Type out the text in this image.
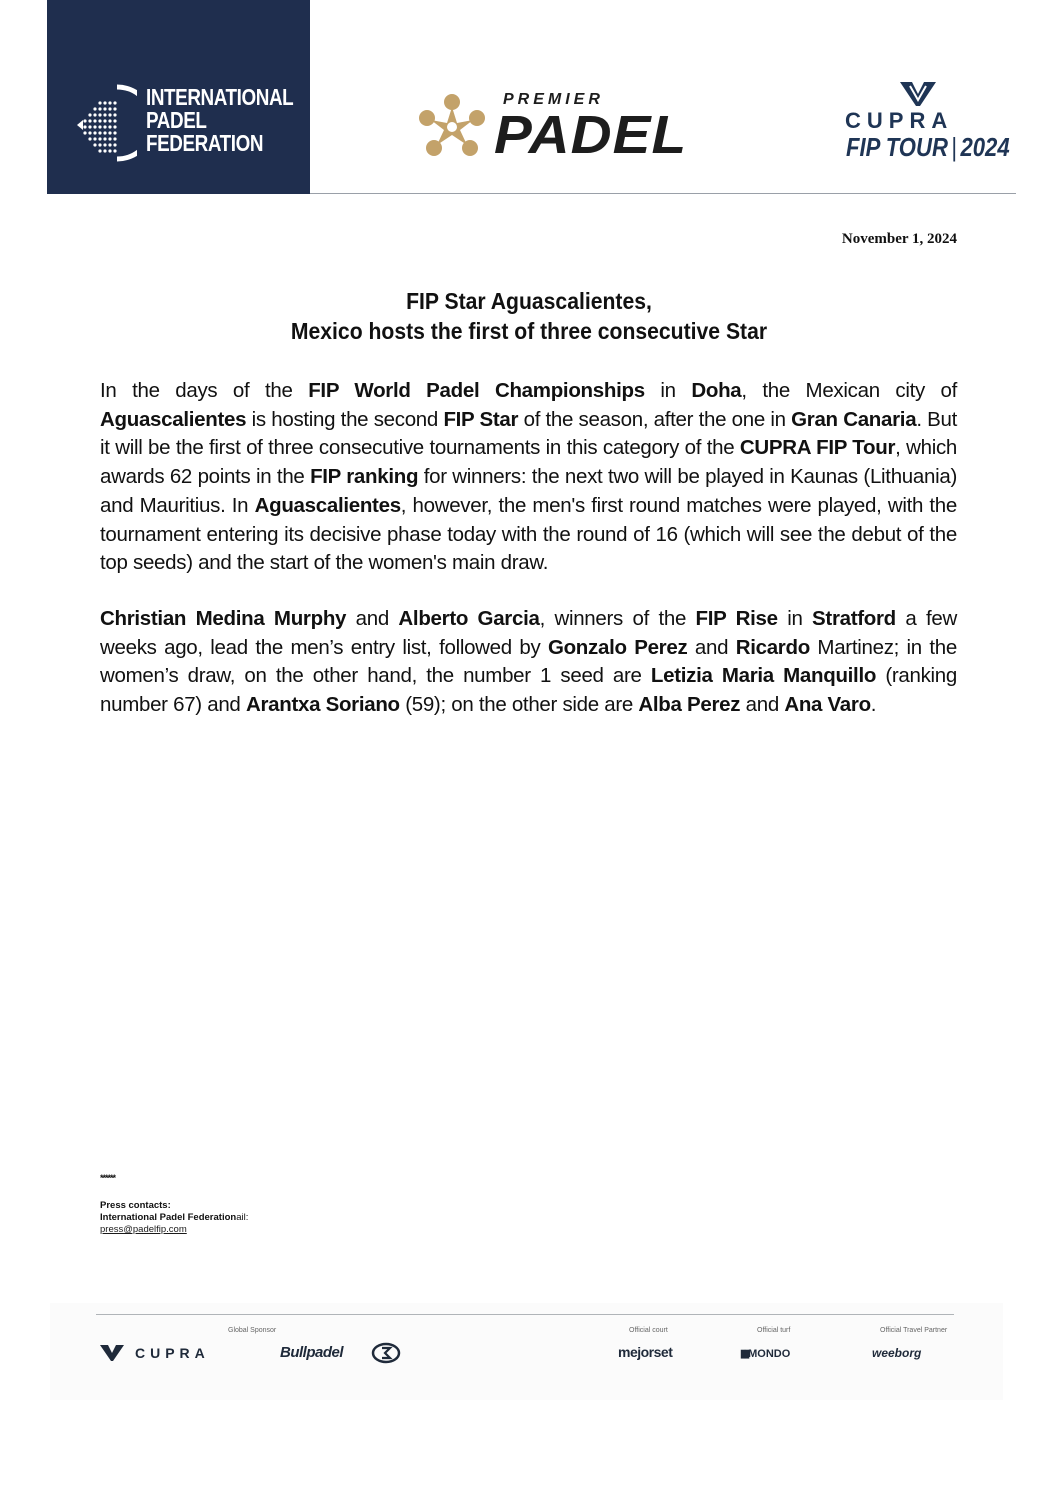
INTERNATIONAL
PADEL
FEDERATION
PREMIER
PADEL	CUPRA
FIP TOUR | 2024
November 1, 2024
FIP Star Aguascalientes,
Mexico hosts the first of three consecutive Star

In the days of the FIP World Padel Championships in Doha, the Mexican city of Aguascalientes is hosting the second FIP Star of the season, after the one in Gran Canaria. But it will be the first of three consecutive tournaments in this category of the CUPRA FIP Tour, which awards 62 points in the FIP ranking for winners: the next two will be played in Kaunas (Lithuania) and Mauritius. In Aguascalientes, however, the men's first round matches were played, with the tournament entering its decisive phase today with the round of 16 (which will see the debut of the top seeds) and the start of the women's main draw.

Christian Medina Murphy and Alberto Garcia, winners of the FIP Rise in Stratford a few weeks ago, lead the men’s entry list, followed by Gonzalo Perez and Ricardo Martinez; in the women’s draw, on the other hand, the number 1 seed are Letizia Maria Manquillo (ranking number 67) and Arantxa Soriano (59); on the other side are Alba Perez and Ana Varo.

******
Press contacts:
International Padel Federationail:
press@padelfip.com
Global Sponsor	Official court	Official turf	Official Travel Partner
CUPRA	Bullpadel	mejorset	▮▮MONDO	weeborg
